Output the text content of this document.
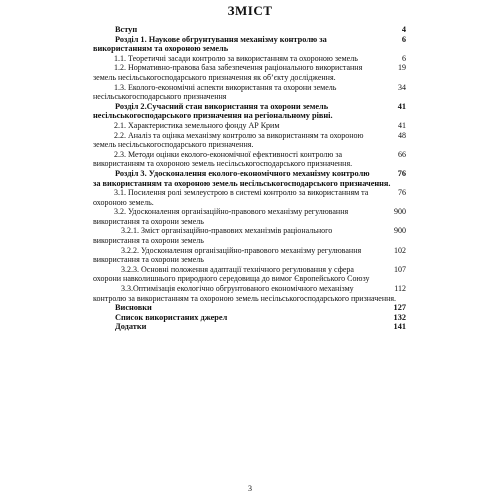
ЗМІСТ

4
Вступ

6
Розділ 1. Наукове обгрунтування механізму контролю за використанням та охороною земель

6
1.1. Теоретичні засади контролю за використанням та охороною земель

19
1.2. Нормативно-правова база забезпечення раціонального використання земель несільськогосподарського призначення як об’єкту дослідження.

34
1.3. Еколого-економічні аспекти використання та охорони земель несільськогосподарського призначення

41
Розділ 2.Сучасний стан використання та охорони земель несільськогосподарського призначення на регіональному рівні.

41
2.1. Характеристика земельного фонду АР Крим

48
2.2. Аналіз та оцінка механізму контролю за використанням та охороною земель несільськогосподарського призначення.

66
2.3. Методи оцінки еколого-економічної ефективності контролю за використанням та охороною земель несільськогосподарського призначення.

76
Розділ 3. Удосконалення еколого-економічного механізму контролю за використанням та охороною земель несільськогосподарського призначення.

76
3.1. Посилення ролі землеустрою в системі контролю за використанням та охороною земель.

900
3.2. Удосконалення організаційно-правового механізму регулювання використання та охорони земель

900
3.2.1. Зміст організаційно-правових механізмів раціонального використання та охорони земель

102
3.2.2. Удосконалення організаційно-правового механізму регулювання використання та охорони земель

107
3.2.3. Основні положення адаптації технічного регулювання у сфера охорони навколишнього природного середовища до вимог Європейського Союзу

112
3.3.Оптимізація екологічно обгрунтованого економічного механізму контролю за використанням та охороною земель несільськогосподарського призначення.

127
Висновки

132
Список використаних джерел

141
Додатки

3
